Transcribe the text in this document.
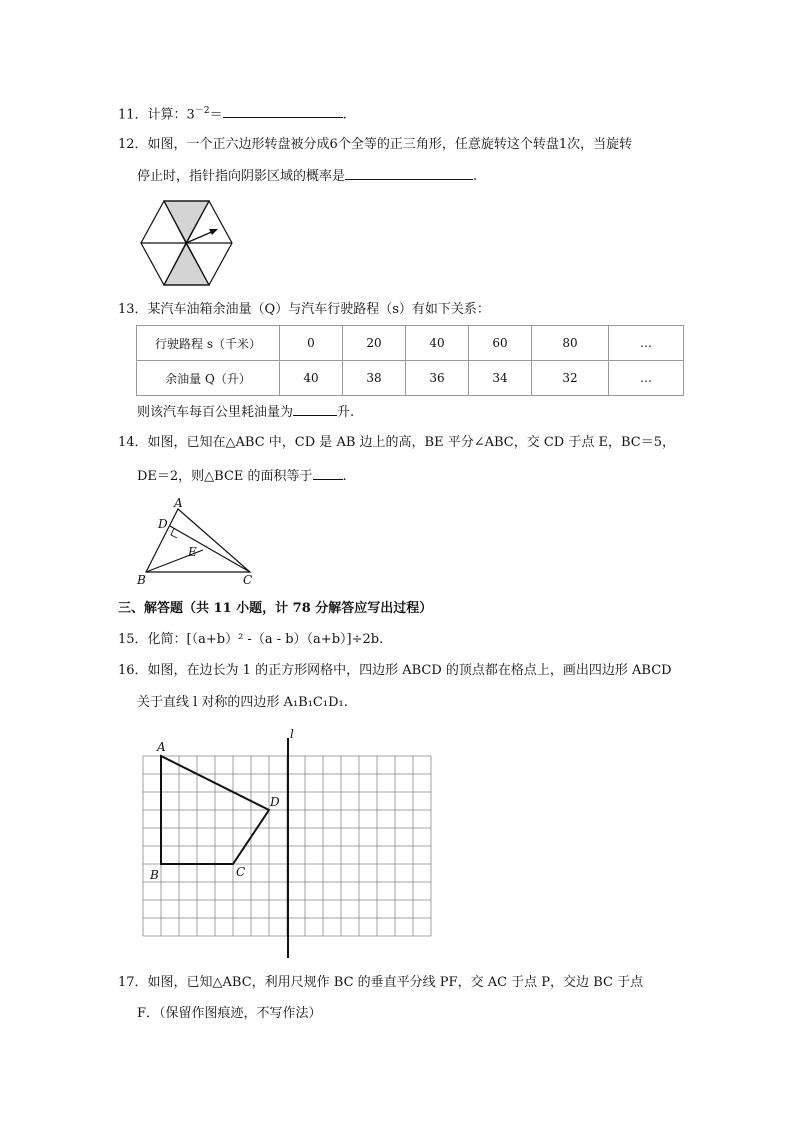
11．计算：$3^{-2}=$	.
12．如图，一个正六边形转盘被分成6个全等的正三角形，任意旋转这个转盘1次，当旋转
停止时，指针指向阴影区域的概率是	.
13．某汽车油箱余油量（Q）与汽车行驶路程（s）有如下关系：
行驶路程 s（千米）	0	20	40	60	80	…
余油量 Q（升）	40	38	36	34	32	…
则该汽车每百公里耗油量为	升.
14．如图，已知在△ABC 中，CD 是 AB 边上的高，BE 平分∠ABC，交 CD 于点 E，BC＝5，
DE＝2，则△BCE 的面积等于 .
A
D
E
B	C
三、解答题（共 11 小题，计 78 分解答应写出过程）
15．化简：[（a+b）² -（a - b）（a+b）]÷2b.
16．如图，在边长为 1 的正方形网格中，四边形 ABCD 的顶点都在格点上，画出四边形 ABCD
关于直线 l 对称的四边形 A₁B₁C₁D₁.
l
A
D
B	C
17．如图，已知△ABC，利用尺规作 BC 的垂直平分线 PF，交 AC 于点 P，交边 BC 于点
F．（保留作图痕迹，不写作法）
